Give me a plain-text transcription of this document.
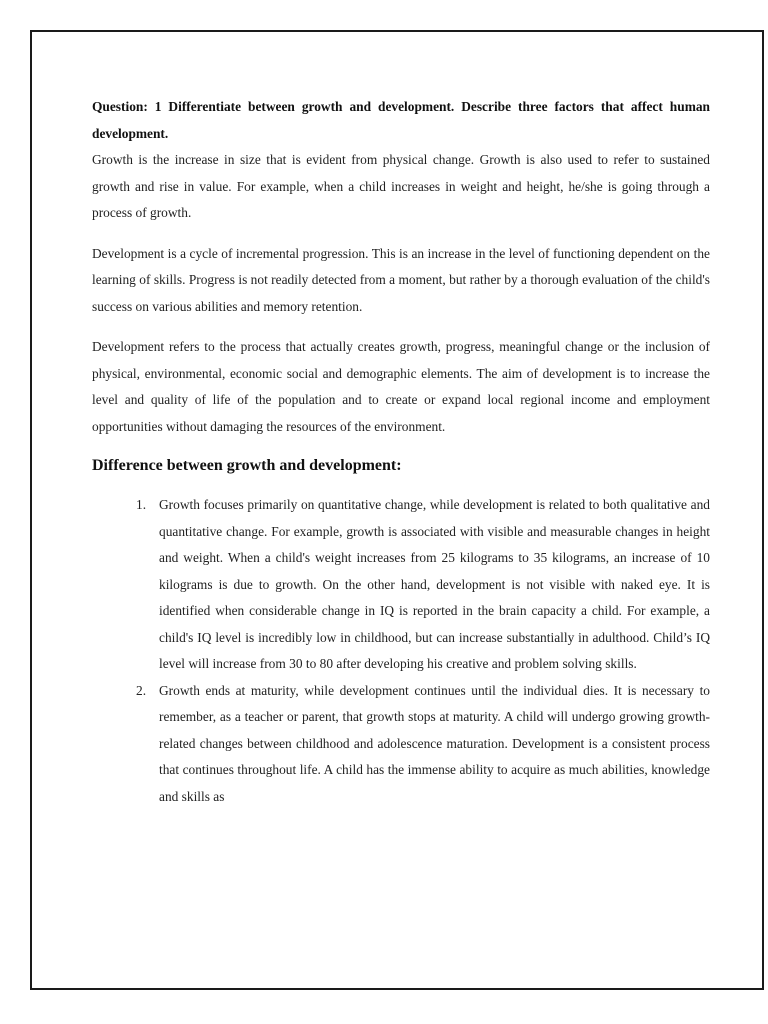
Question: 1 Differentiate between growth and development. Describe three factors that affect human development.

Growth is the increase in size that is evident from physical change. Growth is also used to refer to sustained growth and rise in value. For example, when a child increases in weight and height, he/she is going through a process of growth.

Development is a cycle of incremental progression. This is an increase in the level of functioning dependent on the learning of skills. Progress is not readily detected from a moment, but rather by a thorough evaluation of the child's success on various abilities and memory retention.

Development refers to the process that actually creates growth, progress, meaningful change or the inclusion of physical, environmental, economic social and demographic elements. The aim of development is to increase the level and quality of life of the population and to create or expand local regional income and employment opportunities without damaging the resources of the environment.

Difference between growth and development:
1. Growth focuses primarily on quantitative change, while development is related to both qualitative and quantitative change. For example, growth is associated with visible and measurable changes in height and weight. When a child's weight increases from 25 kilograms to 35 kilograms, an increase of 10 kilograms is due to growth. On the other hand, development is not visible with naked eye. It is identified when considerable change in IQ is reported in the brain capacity a child. For example, a child's IQ level is incredibly low in childhood, but can increase substantially in adulthood. Child’s IQ level will increase from 30 to 80 after developing his creative and problem solving skills.
2. Growth ends at maturity, while development continues until the individual dies. It is necessary to remember, as a teacher or parent, that growth stops at maturity. A child will undergo growing growth-related changes between childhood and adolescence maturation. Development is a consistent process that continues throughout life. A child has the immense ability to acquire as much abilities, knowledge and skills as
